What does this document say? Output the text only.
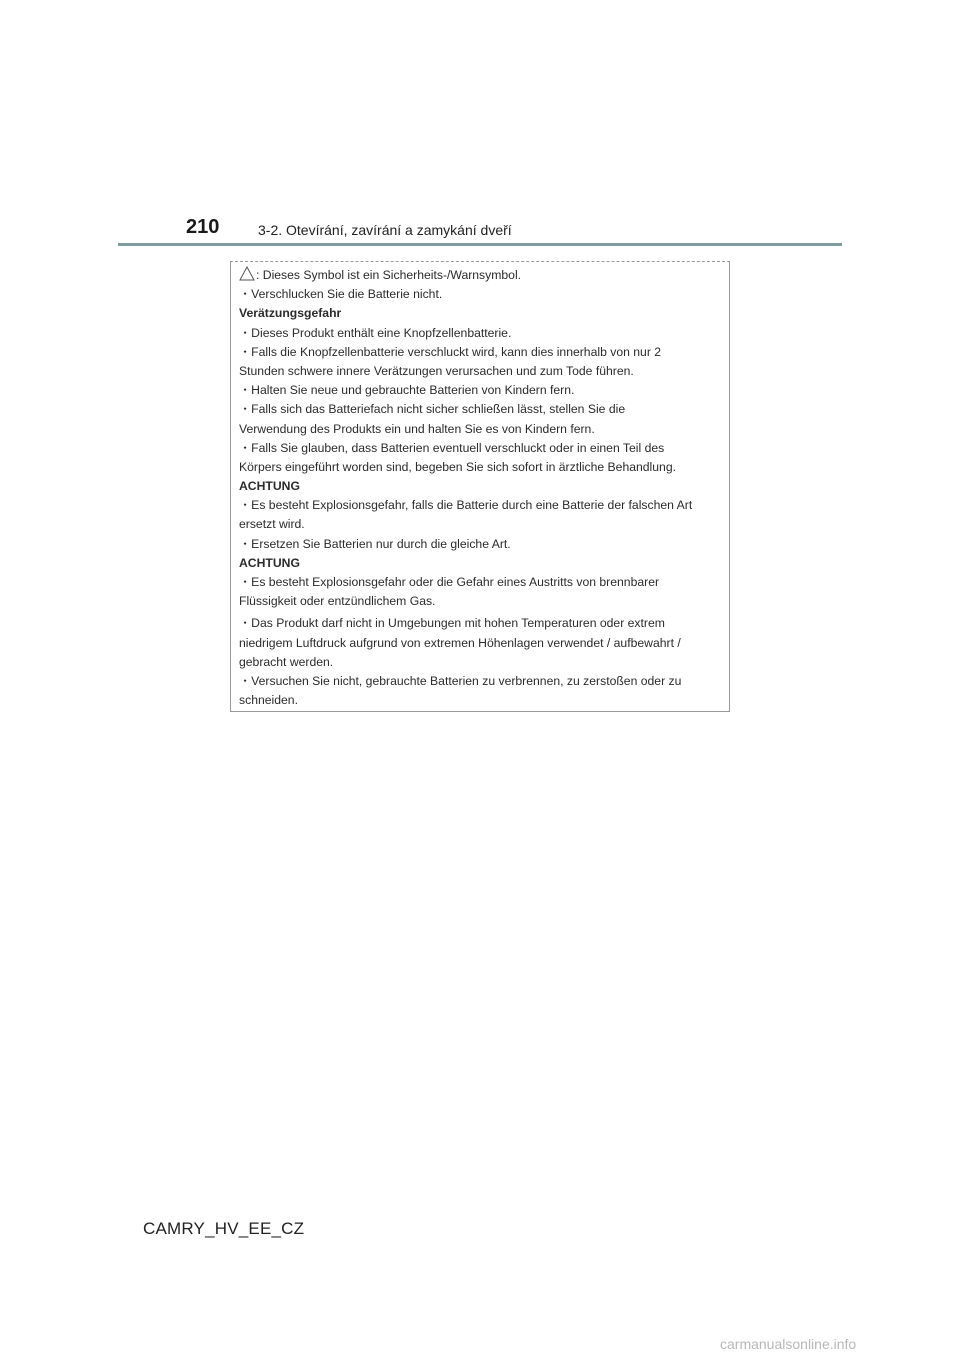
210	3-2. Otevírání, zavírání a zamykání dveří
: Dieses Symbol ist ein Sicherheits-/Warnsymbol.
・Verschlucken Sie die Batterie nicht.
Verätzungsgefahr
・Dieses Produkt enthält eine Knopfzellenbatterie.
・Falls die Knopfzellenbatterie verschluckt wird, kann dies innerhalb von nur 2
Stunden schwere innere Verätzungen verursachen und zum Tode führen.
・Halten Sie neue und gebrauchte Batterien von Kindern fern.
・Falls sich das Batteriefach nicht sicher schließen lässt, stellen Sie die
Verwendung des Produkts ein und halten Sie es von Kindern fern.
・Falls Sie glauben, dass Batterien eventuell verschluckt oder in einen Teil des
Körpers eingeführt worden sind, begeben Sie sich sofort in ärztliche Behandlung.
ACHTUNG
・Es besteht Explosionsgefahr, falls die Batterie durch eine Batterie der falschen Art
ersetzt wird.
・Ersetzen Sie Batterien nur durch die gleiche Art.
ACHTUNG
・Es besteht Explosionsgefahr oder die Gefahr eines Austritts von brennbarer
Flüssigkeit oder entzündlichem Gas.
・Das Produkt darf nicht in Umgebungen mit hohen Temperaturen oder extrem
niedrigem Luftdruck aufgrund von extremen Höhenlagen verwendet / aufbewahrt /
gebracht werden.
・Versuchen Sie nicht, gebrauchte Batterien zu verbrennen, zu zerstoßen oder zu
schneiden.
CAMRY_HV_EE_CZ
carmanualsonline.info
